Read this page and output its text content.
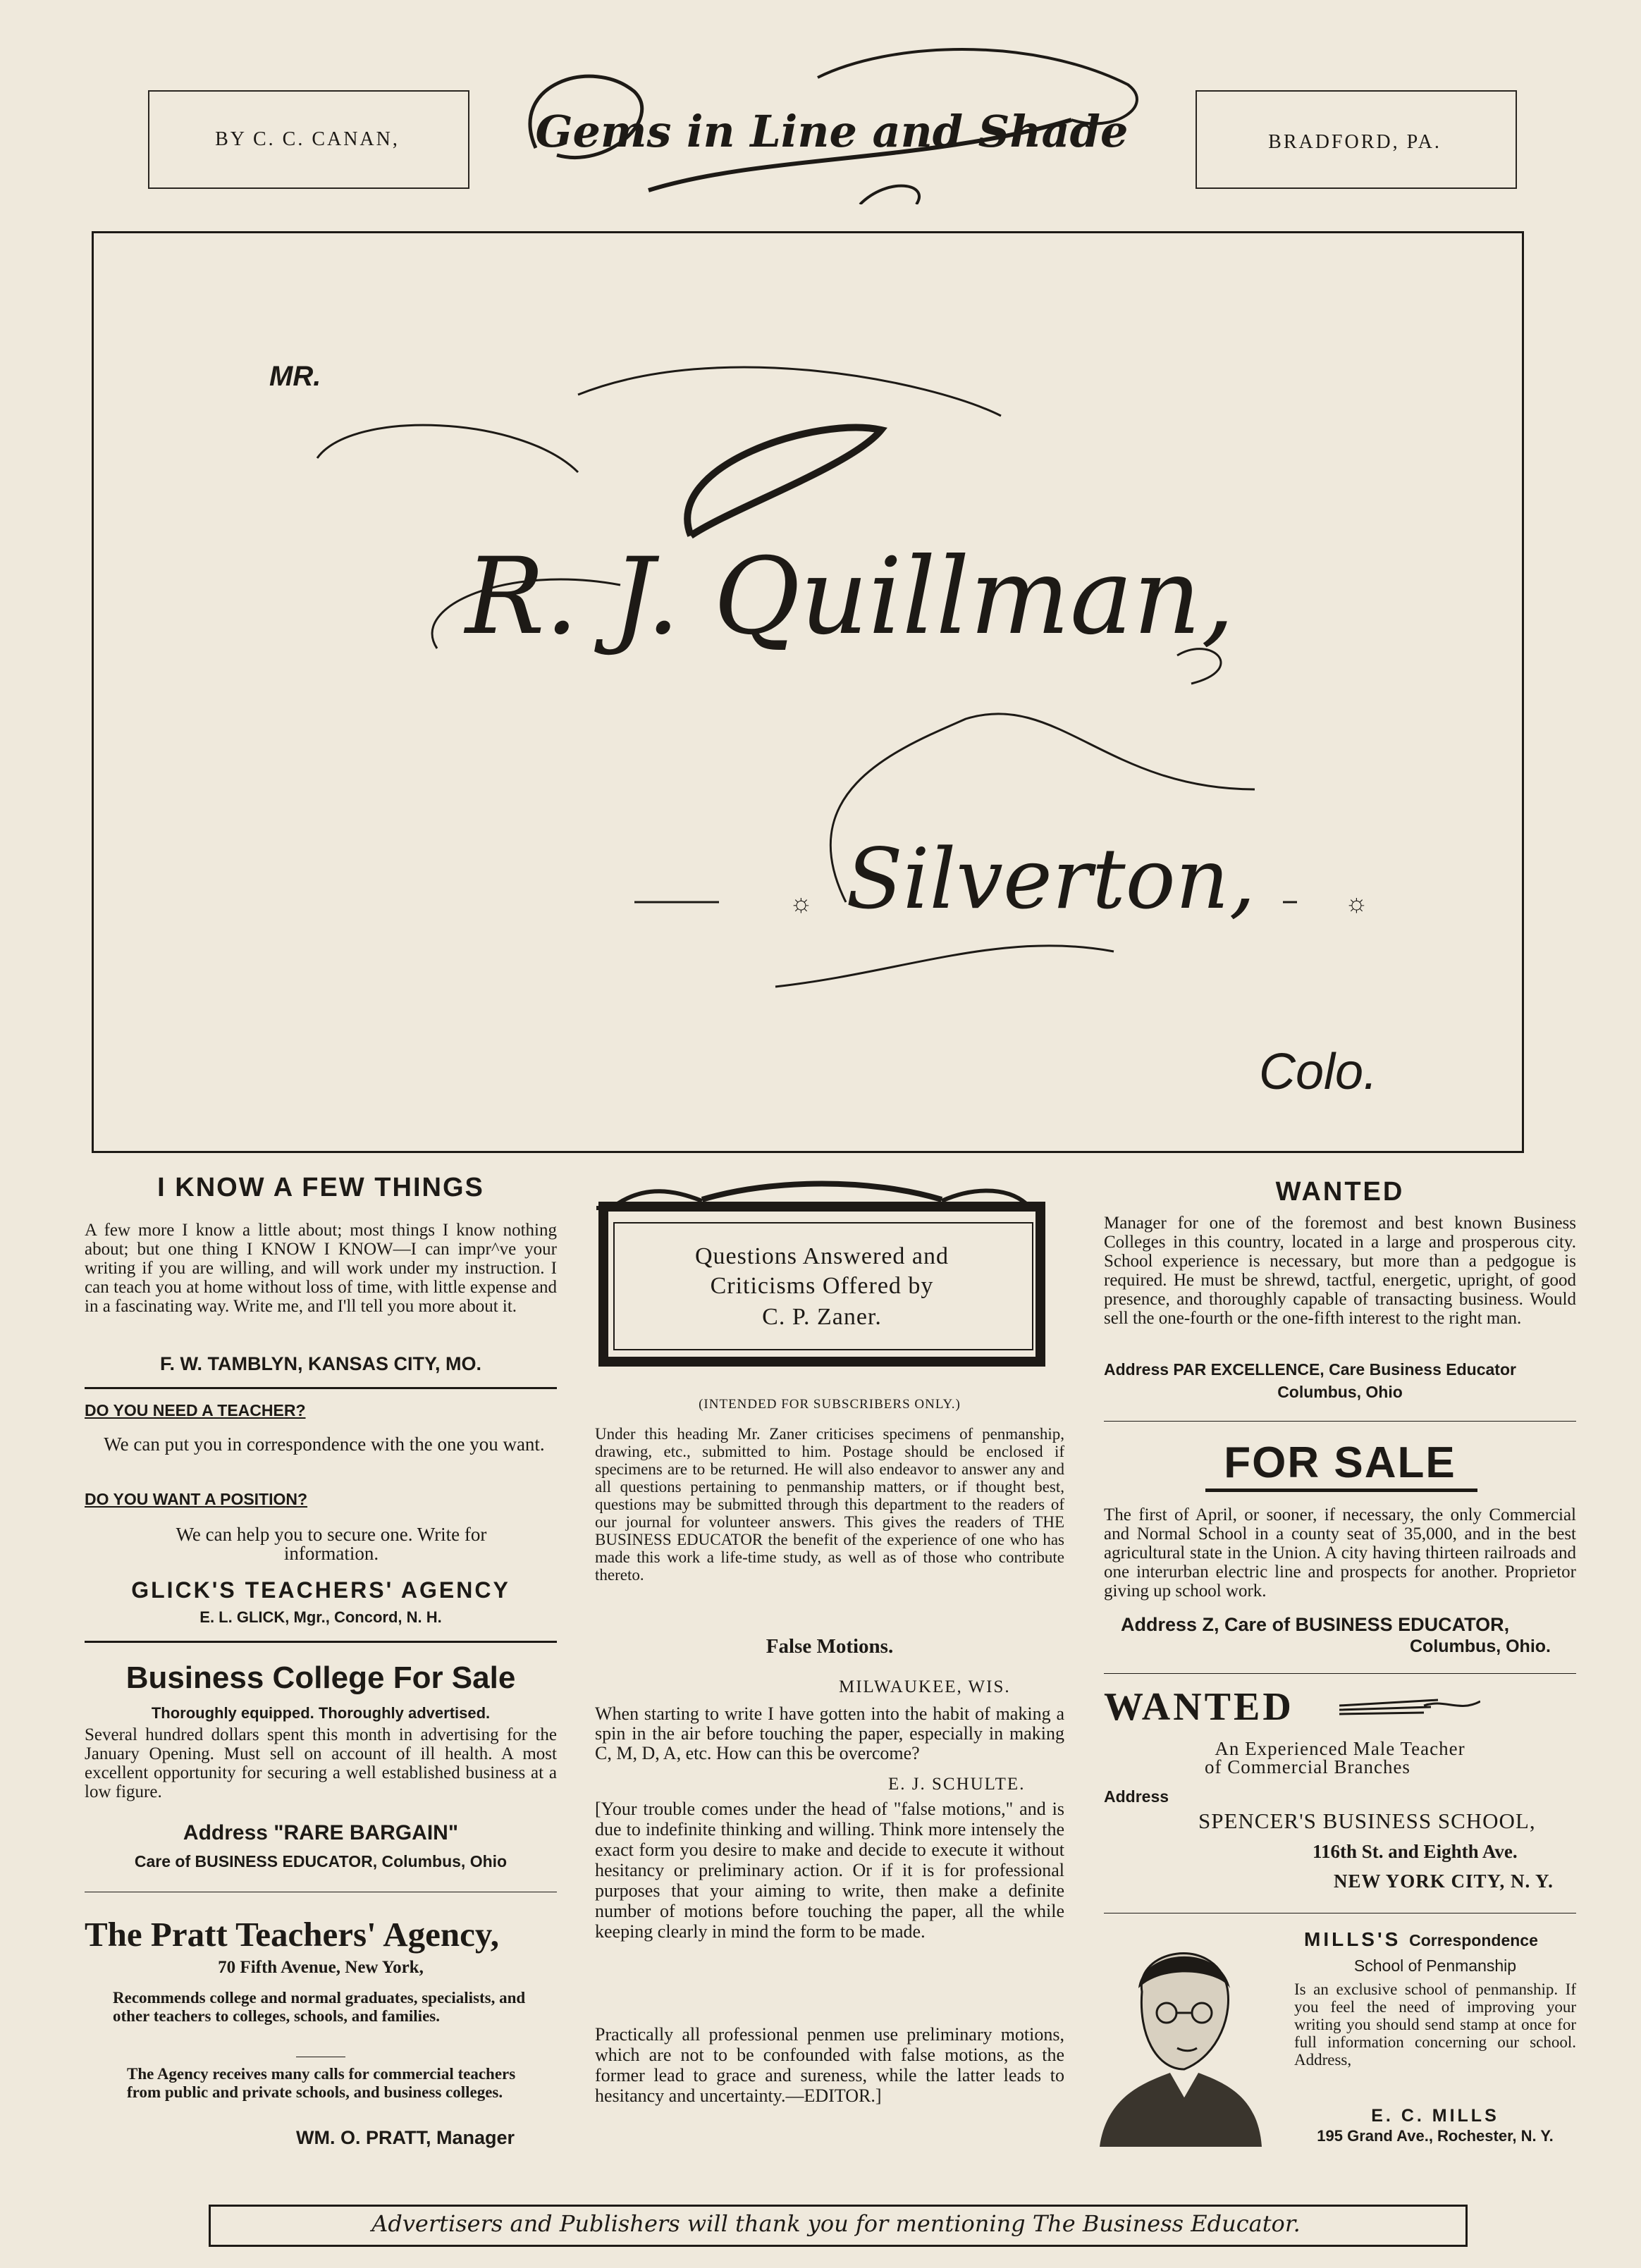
BY C. C. CANAN,	BRADFORD, PA.
Gems in Line and Shade
MR.
R. J. Quillman,
Silverton,
☼	☼
Colo.
I KNOW A FEW THINGS
A few more I know a little about; most things I know nothing about; but one thing I KNOW I KNOW—I can impr^ve your writing if you are willing, and will work under my instruction. I can teach you at home without loss of time, with little expense and in a fascinating way. Write me, and I'll tell you more about it.
F. W. TAMBLYN, KANSAS CITY, MO.
DO YOU NEED A TEACHER?
We can put you in correspondence with the one you want.
DO YOU WANT A POSITION?
We can help you to secure one. Write for information.
GLICK'S TEACHERS' AGENCY
E. L. GLICK, Mgr., Concord, N. H.
Business College For Sale
Thoroughly equipped. Thoroughly advertised.
Several hundred dollars spent this month in advertising for the January Opening. Must sell on account of ill health. A most excellent opportunity for securing a well established business at a low figure.
Address "RARE BARGAIN"
Care of BUSINESS EDUCATOR, Columbus, Ohio
The Pratt Teachers' Agency,
70 Fifth Avenue, New York,
Recommends college and normal graduates, specialists, and other teachers to colleges, schools, and families.
The Agency receives many calls for commercial teachers from public and private schools, and business colleges.
WM. O. PRATT, Manager
Questions Answered and
Criticisms Offered by
C. P. Zaner.
(INTENDED FOR SUBSCRIBERS ONLY.)
Under this heading Mr. Zaner criticises specimens of penmanship, drawing, etc., submitted to him. Postage should be enclosed if specimens are to be returned. He will also endeavor to answer any and all questions pertaining to penmanship matters, or if thought best, questions may be submitted through this department to the readers of our journal for volunteer answers. This gives the readers of THE BUSINESS EDUCATOR the benefit of the experience of one who has made this work a life-time study, as well as of those who contribute thereto.
False Motions.
MILWAUKEE, WIS.
When starting to write I have gotten into the habit of making a spin in the air before touching the paper, especially in making C, M, D, A, etc. How can this be overcome?
E. J. SCHULTE.
[Your trouble comes under the head of "false motions," and is due to indefinite thinking and willing. Think more intensely the exact form you desire to make and decide to execute it without hesitancy or preliminary action. Or if it is for professional purposes that your aiming to write, then make a definite number of motions before touching the paper, all the while keeping clearly in mind the form to be made.
Practically all professional penmen use preliminary motions, which are not to be confounded with false motions, as the former lead to grace and sureness, while the latter leads to hesitancy and uncertainty.—EDITOR.]
WANTED
Manager for one of the foremost and best known Business Colleges in this country, located in a large and prosperous city. School experience is necessary, but more than a pedgogue is required. He must be shrewd, tactful, energetic, upright, of good presence, and thoroughly capable of transacting business. Would sell the one-fourth or the one-fifth interest to the right man.
Address PAR EXCELLENCE, Care Business Educator
Columbus, Ohio
FOR SALE
The first of April, or sooner, if necessary, the only Commercial and Normal School in a county seat of 35,000, and in the best agricultural state in the Union. A city having thirteen railroads and one interurban electric line and prospects for another. Proprietor giving up school work.
Address Z, Care of BUSINESS EDUCATOR,
Columbus, Ohio.
WANTED
An Experienced Male Teacher
of Commercial Branches
Address
SPENCER'S BUSINESS SCHOOL,
116th St. and Eighth Ave.
NEW YORK CITY, N. Y.
MILLS'S Correspondence
School of Penmanship
Is an exclusive school of penmanship. If you feel the need of improving your writing you should send stamp at once for full information concerning our school. Address,
E. C. MILLS
195 Grand Ave., Rochester, N. Y.
Advertisers and Publishers will thank you for mentioning The Business Educator.
